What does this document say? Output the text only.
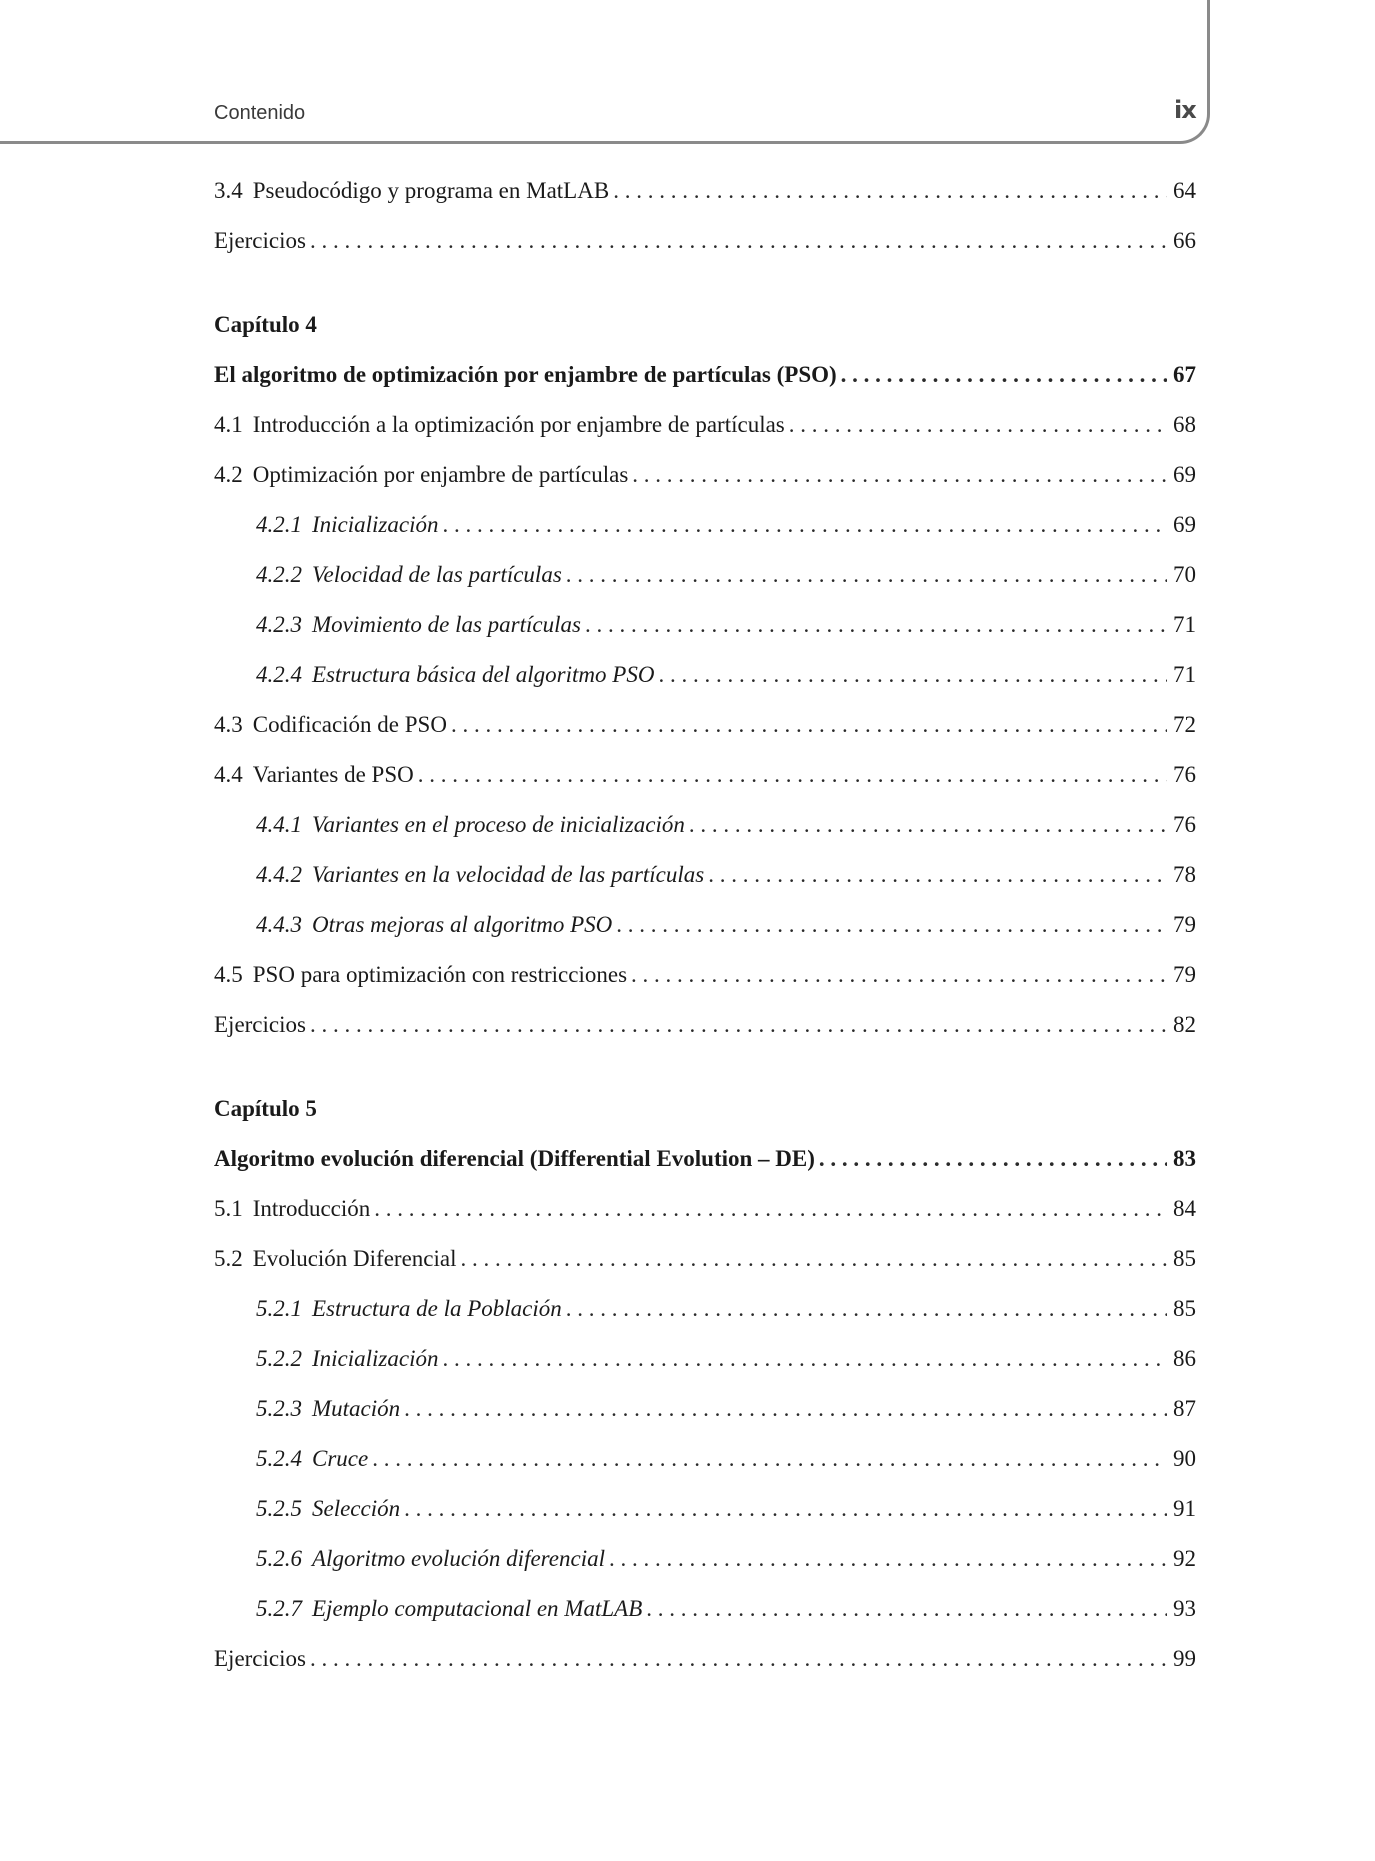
Contenido	ix
3.4 Pseudocódigo y programa en MatLAB . . .	64
Ejercicios . . .	66
Capítulo 4
El algoritmo de optimización por enjambre de partículas (PSO) . . .	67
4.1 Introducción a la optimización por enjambre de partículas . . .	68
4.2 Optimización por enjambre de partículas . . .	69
4.2.1 Inicialización . . .	69
4.2.2 Velocidad de las partículas . . .	70
4.2.3 Movimiento de las partículas . . .	71
4.2.4 Estructura básica del algoritmo PSO . . .	71
4.3 Codificación de PSO . . .	72
4.4 Variantes de PSO . . .	76
4.4.1 Variantes en el proceso de inicialización . . .	76
4.4.2 Variantes en la velocidad de las partículas . . .	78
4.4.3 Otras mejoras al algoritmo PSO . . .	79
4.5 PSO para optimización con restricciones . . .	79
Ejercicios . . .	82
Capítulo 5
Algoritmo evolución diferencial (Differential Evolution – DE) . . .	83
5.1 Introducción . . .	84
5.2 Evolución Diferencial . . .	85
5.2.1 Estructura de la Población . . .	85
5.2.2 Inicialización . . .	86
5.2.3 Mutación . . .	87
5.2.4 Cruce . . .	90
5.2.5 Selección . . .	91
5.2.6 Algoritmo evolución diferencial . . .	92
5.2.7 Ejemplo computacional en MatLAB . . .	93
Ejercicios . . .	99
